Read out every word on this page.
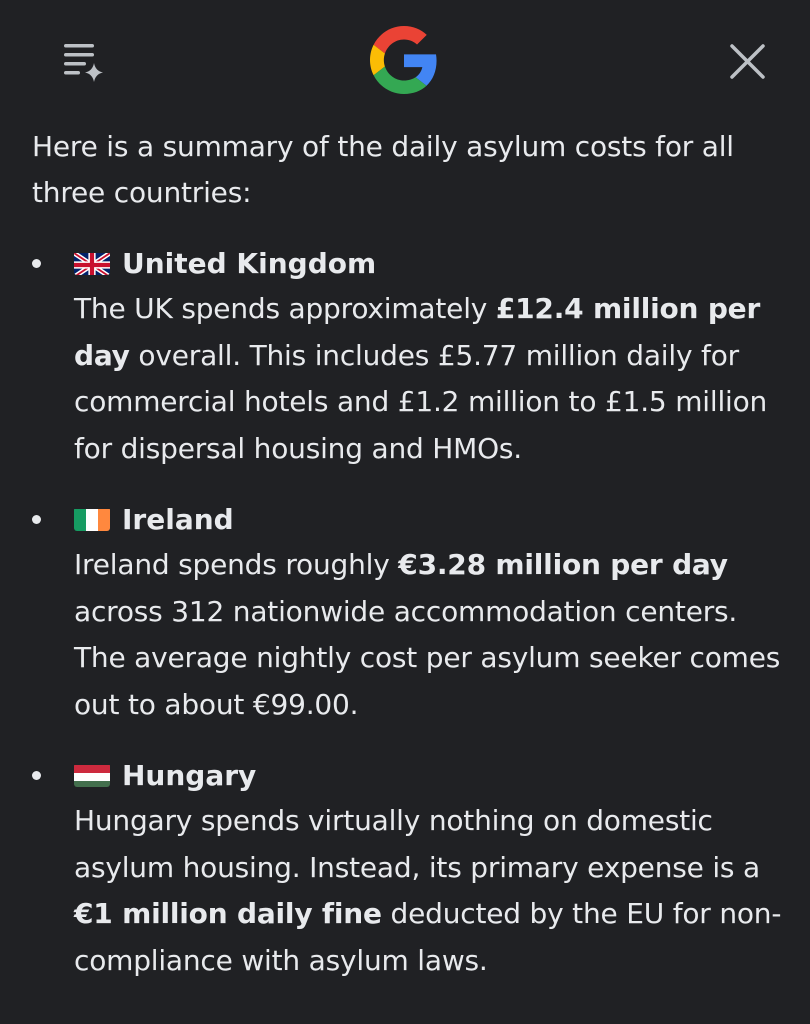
Here is a summary of the daily asylum costs for all three countries:

United Kingdom

The UK spends approximately £12.4 million per day overall. This includes £5.77 million daily for commercial hotels and £1.2 million to £1.5 million for dispersal housing and HMOs.

Ireland

Ireland spends roughly €3.28 million per day across 312 nationwide accommodation centers. The average nightly cost per asylum seeker comes out to about €99.00.

Hungary

Hungary spends virtually nothing on domestic asylum housing. Instead, its primary expense is a €1 million daily fine deducted by the EU for non-compliance with asylum laws.
